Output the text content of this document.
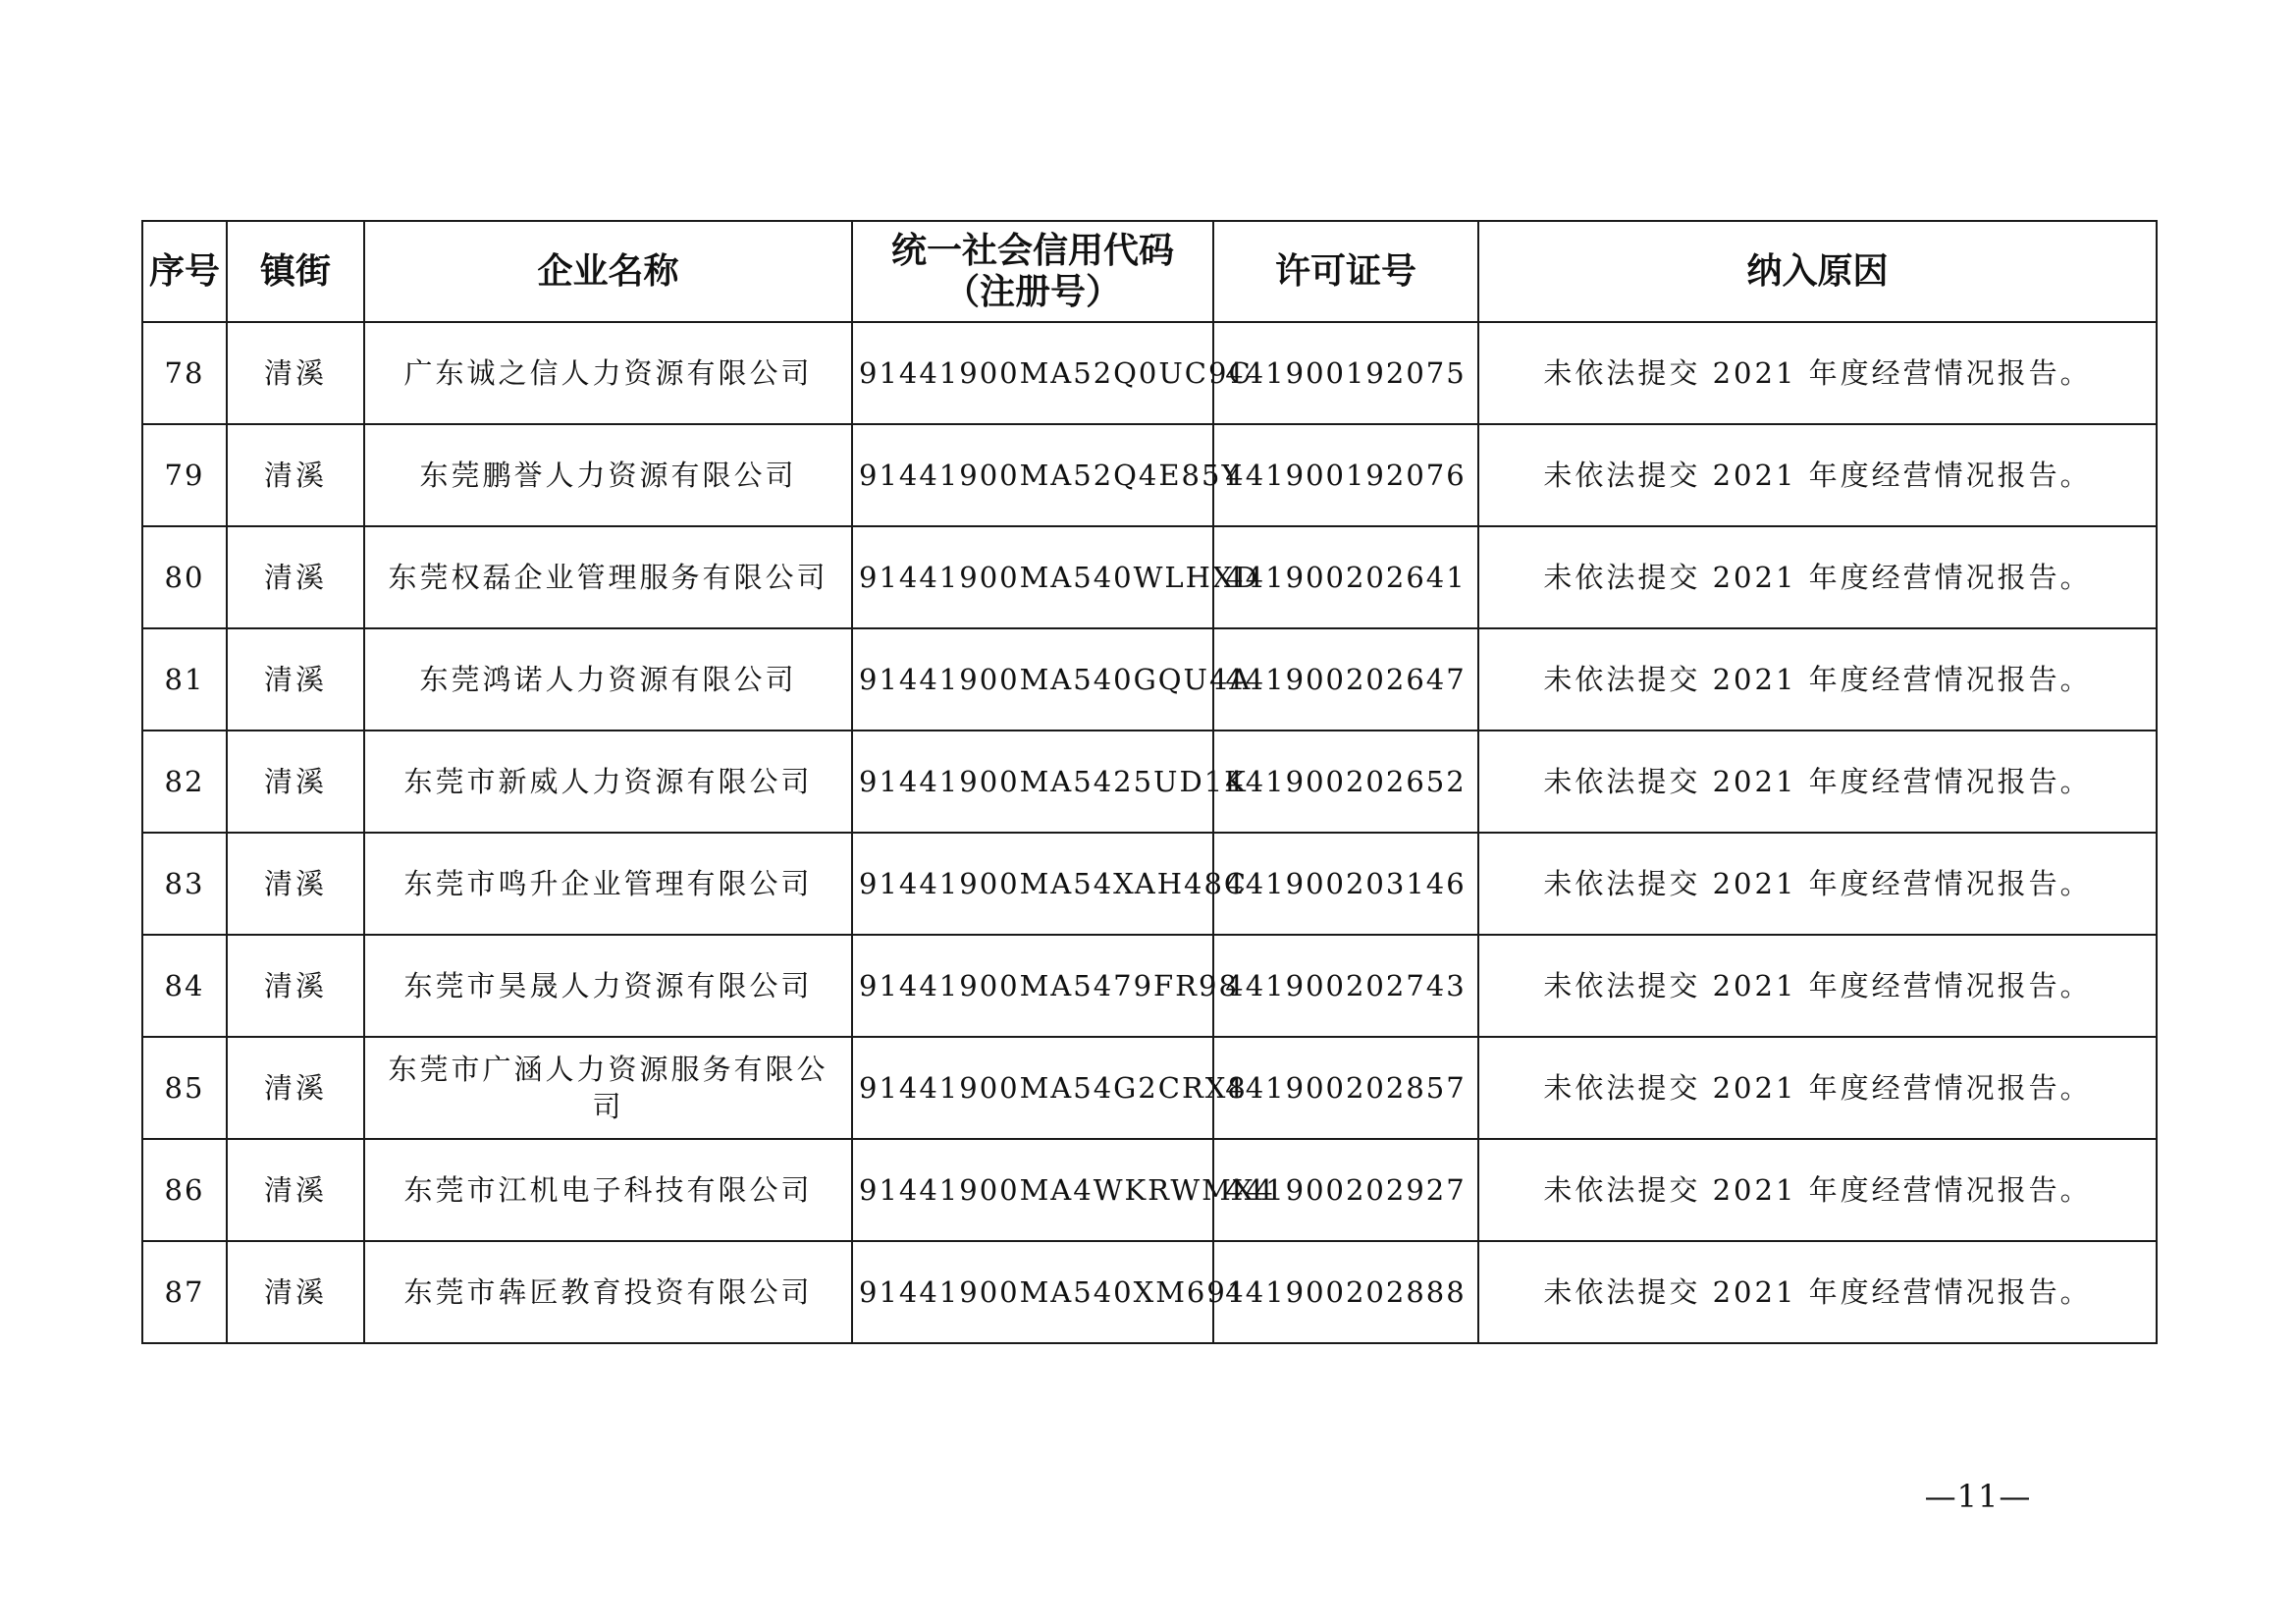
序号	镇街	企业名称	统一社会信用代码（注册号）	许可证号	纳入原因
78	清溪	广东诚之信人力资源有限公司	91441900MA52Q0UC9C	441900192075	未依法提交 2021 年度经营情况报告。
79	清溪	东莞鹏誉人力资源有限公司	91441900MA52Q4E85Y	441900192076	未依法提交 2021 年度经营情况报告。
80	清溪	东莞权磊企业管理服务有限公司	91441900MA540WLHXD	441900202641	未依法提交 2021 年度经营情况报告。
81	清溪	东莞鸿诺人力资源有限公司	91441900MA540GQU4A	441900202647	未依法提交 2021 年度经营情况报告。
82	清溪	东莞市新威人力资源有限公司	91441900MA5425UD1K	441900202652	未依法提交 2021 年度经营情况报告。
83	清溪	东莞市鸣升企业管理有限公司	91441900MA54XAH48C	441900203146	未依法提交 2021 年度经营情况报告。
84	清溪	东莞市昊晟人力资源有限公司	91441900MA5479FR98	441900202743	未依法提交 2021 年度经营情况报告。
85	清溪	东莞市广涵人力资源服务有限公司	91441900MA54G2CRX8	441900202857	未依法提交 2021 年度经营情况报告。
86	清溪	东莞市江机电子科技有限公司	91441900MA4WKRWMX4	441900202927	未依法提交 2021 年度经营情况报告。
87	清溪	东莞市犇匠教育投资有限公司	91441900MA540XM691	441900202888	未依法提交 2021 年度经营情况报告。
—11—
